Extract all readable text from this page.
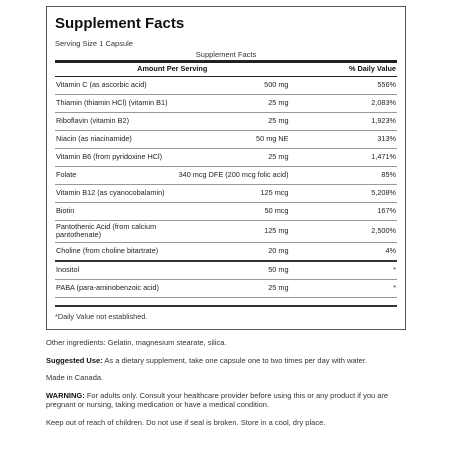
Supplement Facts
Serving Size 1 Capsule
Supplement Facts
Amount Per Serving		% Daily Value
Vitamin C (as ascorbic acid)	500 mg	556%
Thiamin (thiamin HCl) (vitamin B1)	25 mg	2,083%
Riboflavin (vitamin B2)	25 mg	1,923%
Niacin (as niacinamide)	50 mg NE	313%
Vitamin B6 (from pyridoxine HCl)	25 mg	1,471%
Folate	340 mcg DFE (200 mcg folic acid)	85%
Vitamin B12 (as cyanocobalamin)	125 mcg	5,208%
Biotin	50 mcg	167%
Pantothenic Acid (from calcium pantothenate)	125 mg	2,500%
Choline (from choline bitartrate)	20 mg	4%
Inositol	50 mg	*
PABA (para-aminobenzoic acid)	25 mg	*
*Daily Value not established.

Other ingredients: Gelatin, magnesium stearate, silica.

Suggested Use: As a dietary supplement, take one capsule one to two times per day with water.

Made in Canada.

WARNING: For adults only. Consult your healthcare provider before using this or any product if you are pregnant or nursing, taking medication or have a medical condition.

Keep out of reach of children. Do not use if seal is broken. Store in a cool, dry place.
